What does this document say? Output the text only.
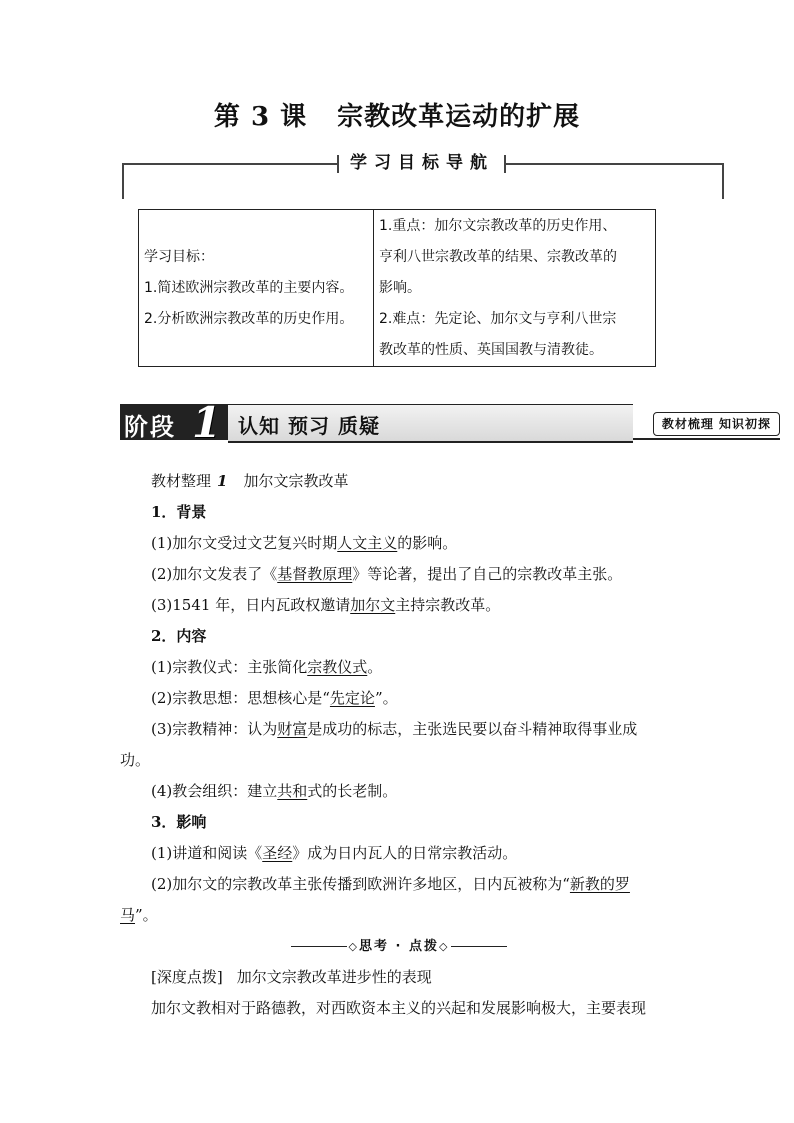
第 3 课 宗教改革运动的扩展
学习目标导航
学习目标：
1.简述欧洲宗教改革的主要内容。
2.分析欧洲宗教改革的历史作用。

1.重点：加尔文宗教改革的历史作用、
亨利八世宗教改革的结果、宗教改革的
影响。
2.难点：先定论、加尔文与亨利八世宗
教改革的性质、英国国教与清教徒。
阶段 1 认知 预习 质疑	教材梳理 知识初探
教材整理 1 加尔文宗教改革
1．背景
(1)加尔文受过文艺复兴时期人文主义的影响。
(2)加尔文发表了《基督教原理》等论著，提出了自己的宗教改革主张。
(3)1541 年，日内瓦政权邀请加尔文主持宗教改革。
2．内容
(1)宗教仪式：主张简化宗教仪式。
(2)宗教思想：思想核心是“先定论”。
(3)宗教精神：认为财富是成功的标志，主张选民要以奋斗精神取得事业成
功。
(4)教会组织：建立共和式的长老制。
3．影响
(1)讲道和阅读《圣经》成为日内瓦人的日常宗教活动。
(2)加尔文的宗教改革主张传播到欧洲许多地区，日内瓦被称为“新教的罗
马”。
◇思考 · 点拨◇
[深度点拨] 加尔文宗教改革进步性的表现
加尔文教相对于路德教，对西欧资本主义的兴起和发展影响极大，主要表现
